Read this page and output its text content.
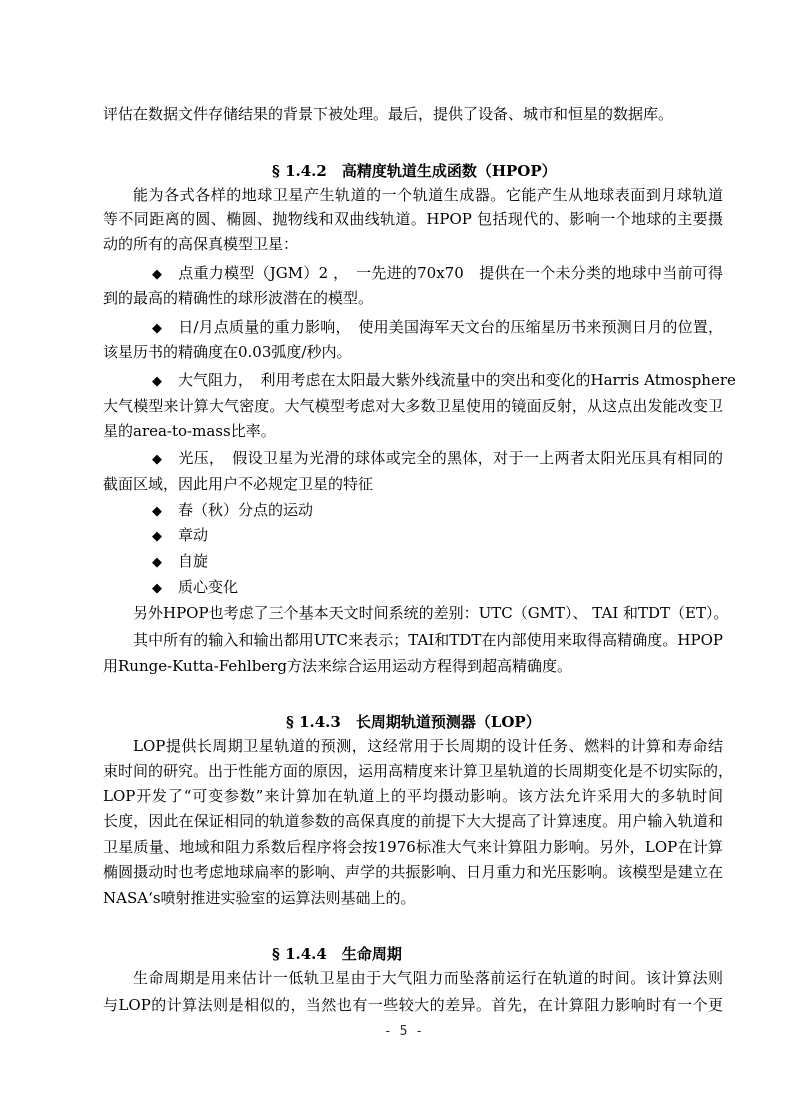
评估在数据文件存储结果的背景下被处理。最后，提供了设备、城市和恒星的数据库。
§ 1.4.2　高精度轨道生成函数（HPOP）
能为各式各样的地球卫星产生轨道的一个轨道生成器。它能产生从地球表面到月球轨道
等不同距离的圆、椭圆、抛物线和双曲线轨道。HPOP 包括现代的、影响一个地球的主要摄
动的所有的高保真模型卫星：
◆ 点重力模型（JGM）2 ，　一先进的70x70　提供在一个未分类的地球中当前可得
到的最高的精确性的球形波潜在的模型。
◆ 日/月点质量的重力影响，　使用美国海军天文台的压缩星历书来预测日月的位置，
该星历书的精确度在0.03弧度/秒内。
◆ 大气阻力，　利用考虑在太阳最大紫外线流量中的突出和变化的Harris Atmosphere
大气模型来计算大气密度。大气模型考虑对大多数卫星使用的镜面反射，从这点出发能改变卫
星的area-to-mass比率。
◆ 光压，　假设卫星为光滑的球体或完全的黑体，对于一上两者太阳光压具有相同的
截面区域，因此用户不必规定卫星的特征
◆ 春（秋）分点的运动
◆ 章动
◆ 自旋
◆ 质心变化
另外HPOP也考虑了三个基本天文时间系统的差别：UTC（GMT）、 TAI 和TDT（ET）。
其中所有的输入和输出都用UTC来表示；TAI和TDT在内部使用来取得高精确度。HPOP
用Runge-Kutta-Fehlberg方法来综合运用运动方程得到超高精确度。
§ 1.4.3　长周期轨道预测器（LOP）
LOP提供长周期卫星轨道的预测，这经常用于长周期的设计任务、燃料的计算和寿命结
束时间的研究。出于性能方面的原因，运用高精度来计算卫星轨道的长周期变化是不切实际的，
LOP开发了“可变参数”来计算加在轨道上的平均摄动影响。该方法允许采用大的多轨时间
长度，因此在保证相同的轨道参数的高保真度的前提下大大提高了计算速度。用户输入轨道和
卫星质量、地域和阻力系数后程序将会按1976标准大气来计算阻力影响。另外，LOP在计算
椭圆摄动时也考虑地球扁率的影响、声学的共振影响、日月重力和光压影响。该模型是建立在
NASA‘s喷射推进实验室的运算法则基础上的。
§ 1.4.4　生命周期
生命周期是用来估计一低轨卫星由于大气阻力而坠落前运行在轨道的时间。该计算法则
与LOP的计算法则是相似的，当然也有一些较大的差异。首先，在计算阻力影响时有一个更
- 5 -
